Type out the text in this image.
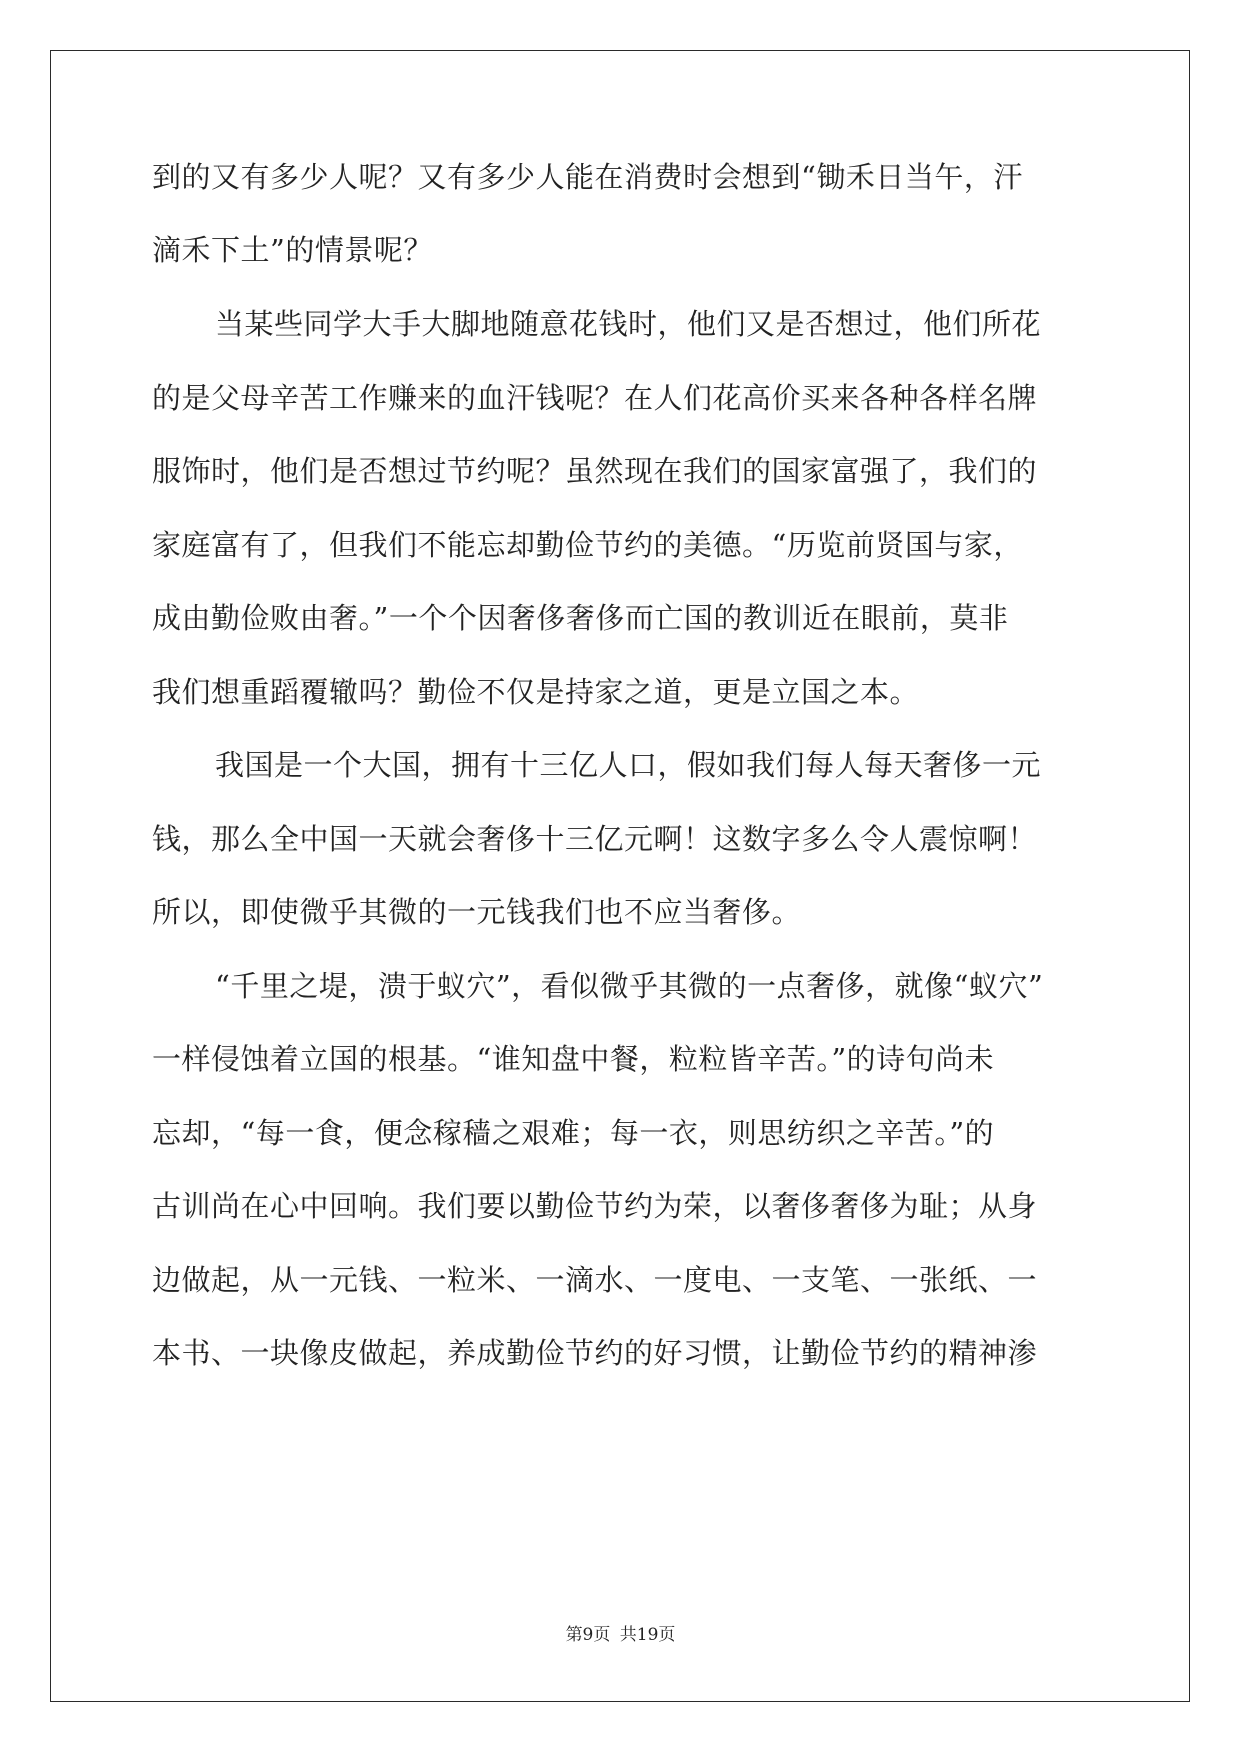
到的又有多少人呢？又有多少人能在消费时会想到“锄禾日当午，汗
滴禾下土”的情景呢？
当某些同学大手大脚地随意花钱时，他们又是否想过，他们所花
的是父母辛苦工作赚来的血汗钱呢？在人们花高价买来各种各样名牌
服饰时，他们是否想过节约呢？虽然现在我们的国家富强了，我们的
家庭富有了，但我们不能忘却勤俭节约的美德。“历览前贤国与家，
成由勤俭败由奢。”一个个因奢侈奢侈而亡国的教训近在眼前，莫非
我们想重蹈覆辙吗？勤俭不仅是持家之道，更是立国之本。
我国是一个大国，拥有十三亿人口，假如我们每人每天奢侈一元
钱，那么全中国一天就会奢侈十三亿元啊！这数字多么令人震惊啊！
所以，即使微乎其微的一元钱我们也不应当奢侈。
“千里之堤，溃于蚁穴”，看似微乎其微的一点奢侈，就像“蚁穴”
一样侵蚀着立国的根基。“谁知盘中餐，粒粒皆辛苦。”的诗句尚未
忘却，“每一食，便念稼穑之艰难；每一衣，则思纺织之辛苦。”的
古训尚在心中回响。我们要以勤俭节约为荣，以奢侈奢侈为耻；从身
边做起，从一元钱、一粒米、一滴水、一度电、一支笔、一张纸、一
本书、一块像皮做起，养成勤俭节约的好习惯，让勤俭节约的精神渗
第9页 共19页
